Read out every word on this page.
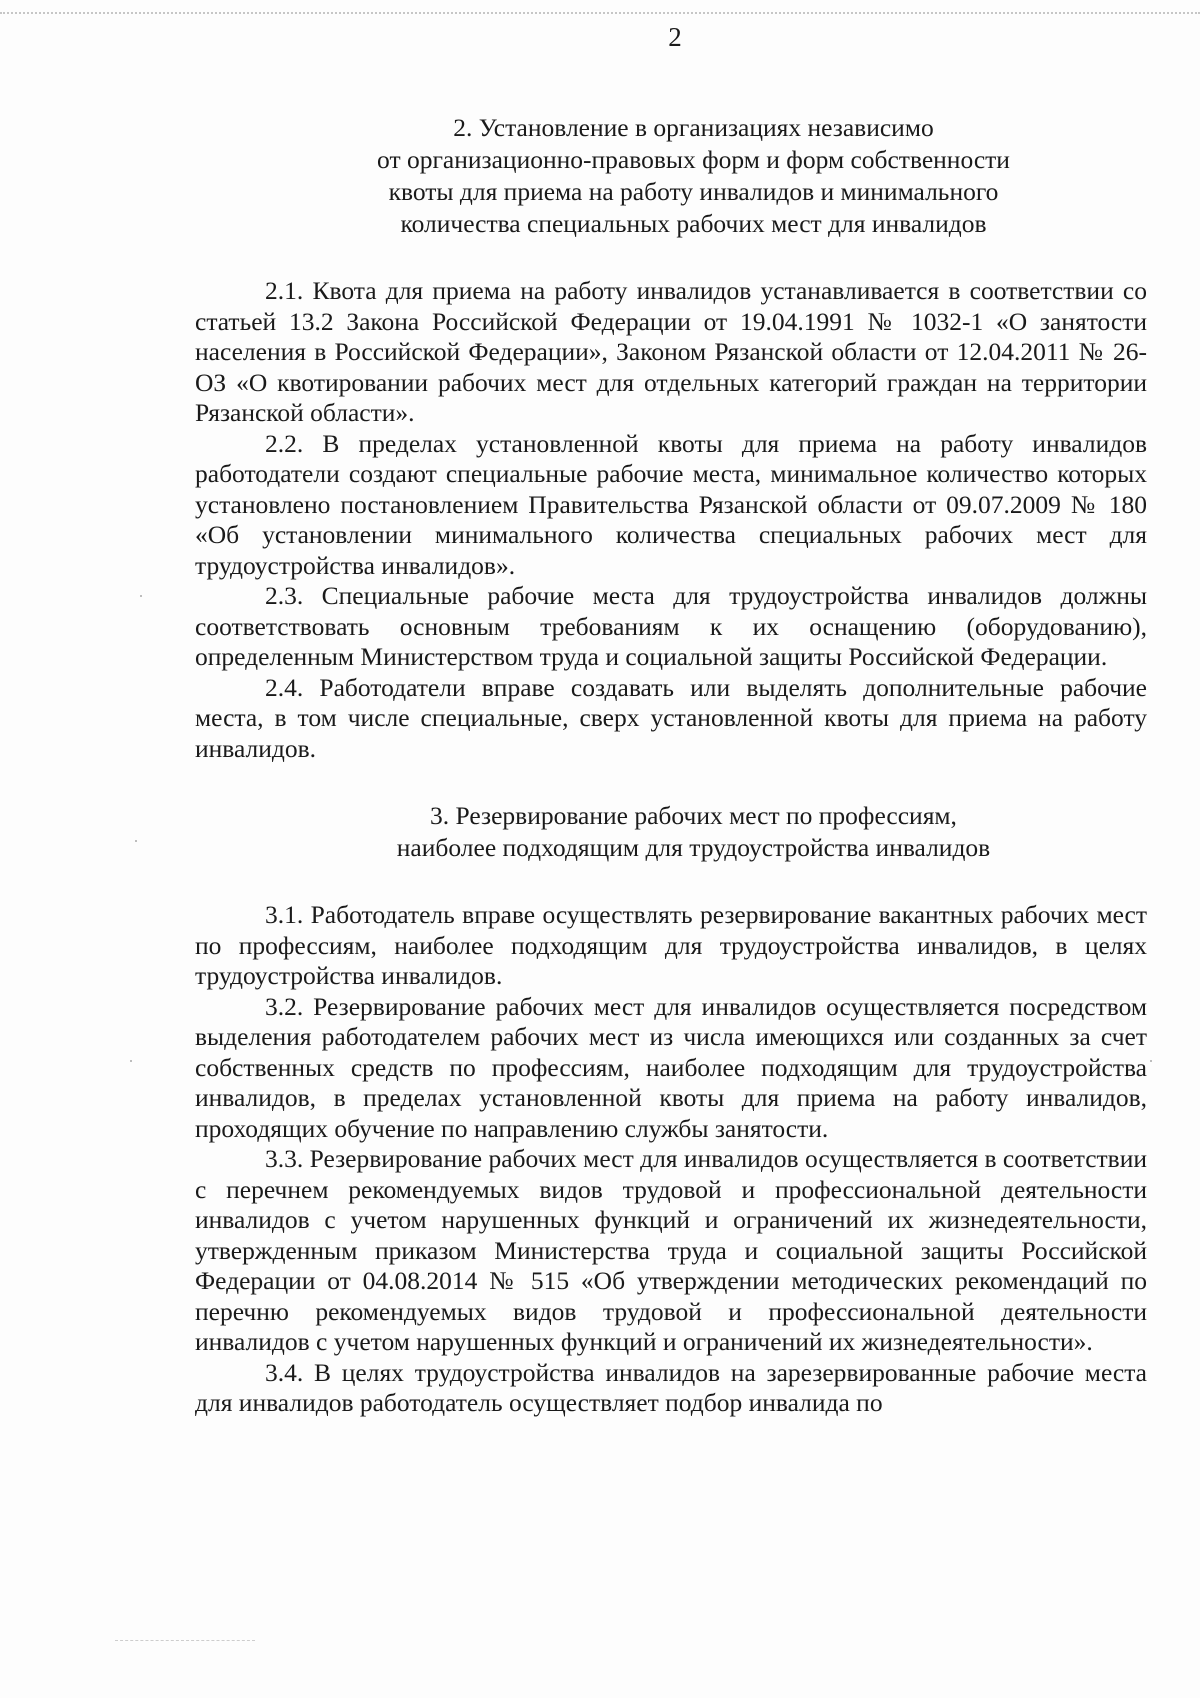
2
2. Установление в организациях независимо
от организационно-правовых форм и форм собственности
квоты для приема на работу инвалидов и минимального
количества специальных рабочих мест для инвалидов

2.1. Квота для приема на работу инвалидов устанавливается в соответствии со статьей 13.2 Закона Российской Федерации от 19.04.1991 № 1032-1 «О занятости населения в Российской Федерации», Законом Рязанской области от 12.04.2011 № 26-ОЗ «О квотировании рабочих мест для отдельных категорий граждан на территории Рязанской области».

2.2. В пределах установленной квоты для приема на работу инвалидов работодатели создают специальные рабочие места, минимальное количество которых установлено постановлением Правительства Рязанской области от 09.07.2009 № 180 «Об установлении минимального количества специальных рабочих мест для трудоустройства инвалидов».

2.3. Специальные рабочие места для трудоустройства инвалидов должны соответствовать основным требованиям к их оснащению (оборудованию), определенным Министерством труда и социальной защиты Российской Федерации.

2.4. Работодатели вправе создавать или выделять дополнительные рабочие места, в том числе специальные, сверх установленной квоты для приема на работу инвалидов.

3. Резервирование рабочих мест по профессиям,
наиболее подходящим для трудоустройства инвалидов

3.1. Работодатель вправе осуществлять резервирование вакантных рабочих мест по профессиям, наиболее подходящим для трудоустройства инвалидов, в целях трудоустройства инвалидов.

3.2. Резервирование рабочих мест для инвалидов осуществляется посредством выделения работодателем рабочих мест из числа имеющихся или созданных за счет собственных средств по профессиям, наиболее подходящим для трудоустройства инвалидов, в пределах установленной квоты для приема на работу инвалидов, проходящих обучение по направлению службы занятости.

3.3. Резервирование рабочих мест для инвалидов осуществляется в соответствии с перечнем рекомендуемых видов трудовой и профессиональной деятельности инвалидов с учетом нарушенных функций и ограничений их жизнедеятельности, утвержденным приказом Министерства труда и социальной защиты Российской Федерации от 04.08.2014 № 515 «Об утверждении методических рекомендаций по перечню рекомендуемых видов трудовой и профессиональной деятельности инвалидов с учетом нарушенных функций и ограничений их жизнедеятельности».

3.4. В целях трудоустройства инвалидов на зарезервированные рабочие места для инвалидов работодатель осуществляет подбор инвалида по
